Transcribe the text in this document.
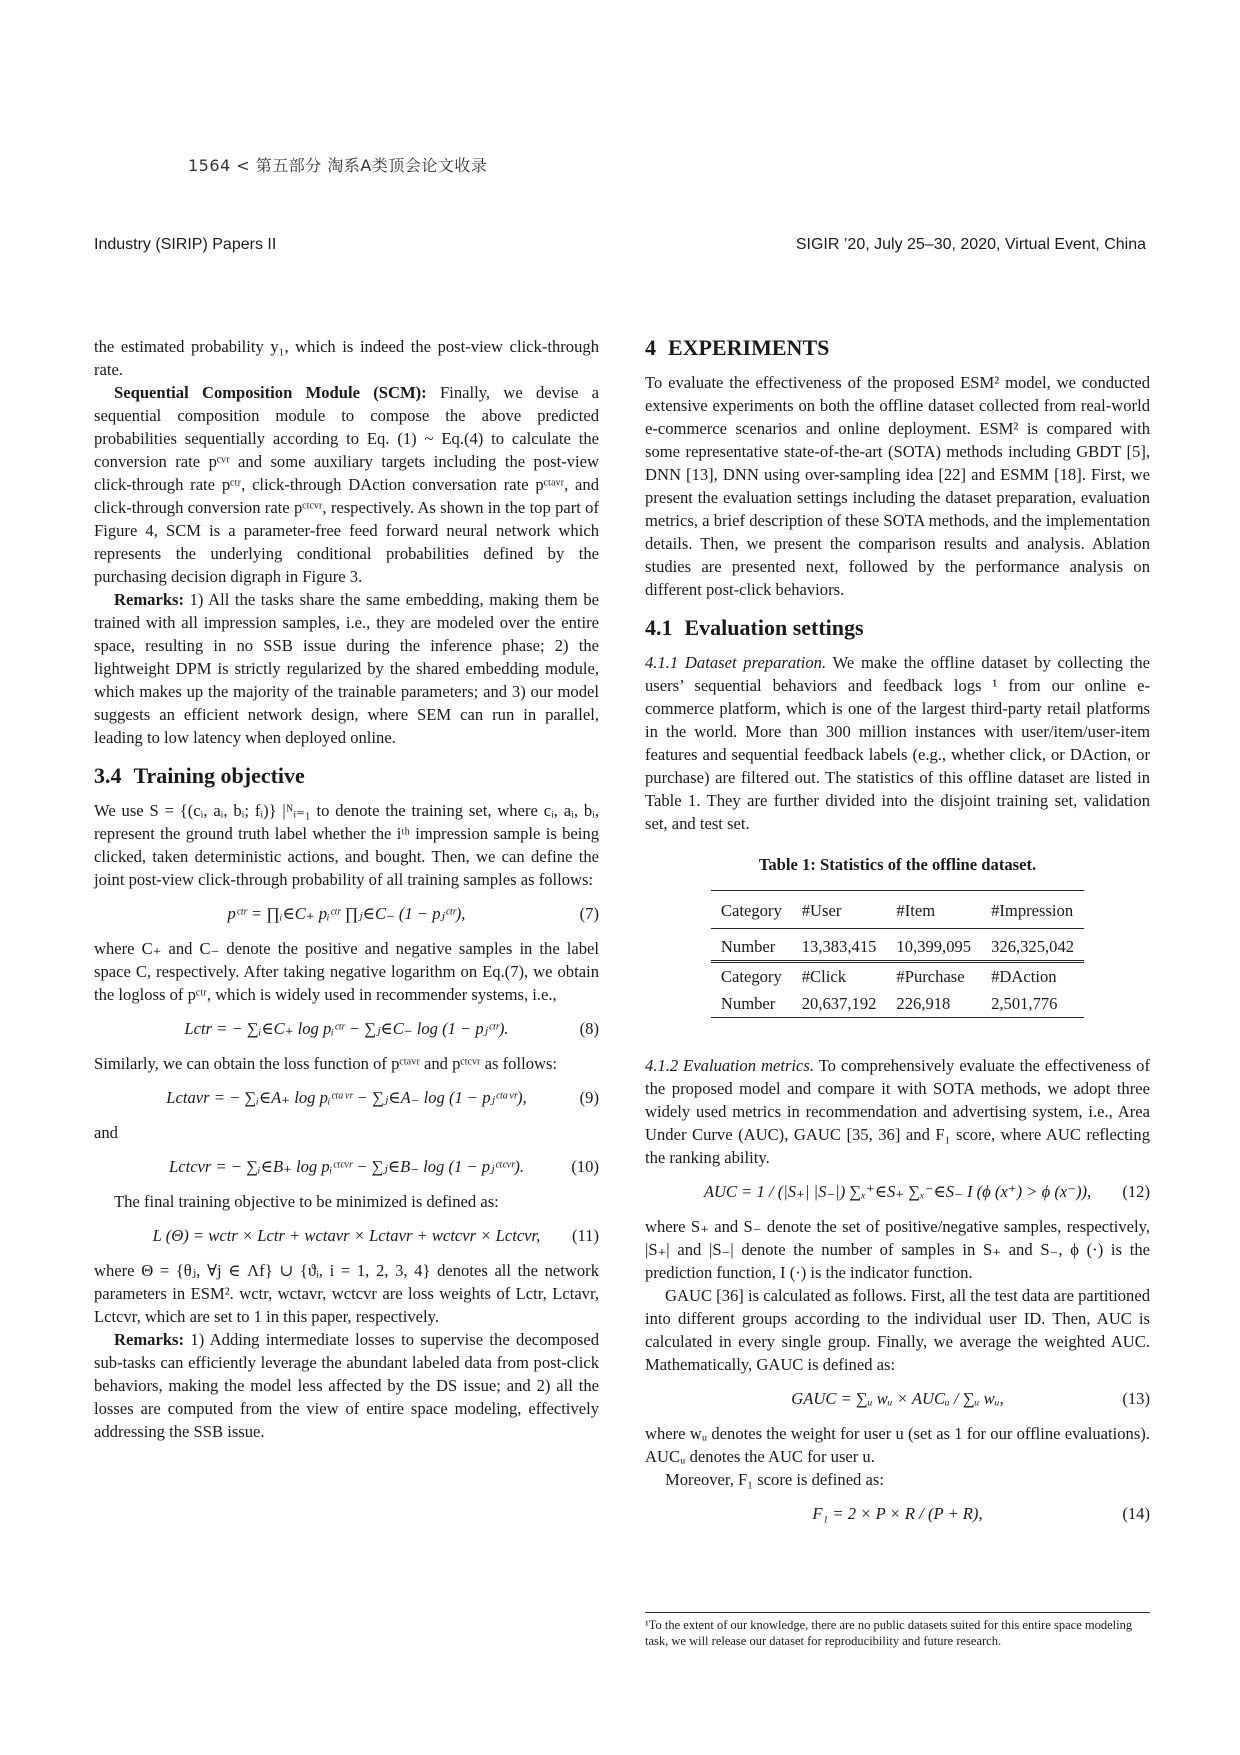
1564 < 第五部分 淘系A类顶会论文收录
Industry (SIRIP) Papers II	SIGIR ’20, July 25–30, 2020, Virtual Event, China

the estimated probability y₁, which is indeed the post-view click-through rate.

Sequential Composition Module (SCM): Finally, we devise a sequential composition module to compose the above predicted probabilities sequentially according to Eq. (1) ~ Eq.(4) to calculate the conversion rate pᶜᵛʳ and some auxiliary targets including the post-view click-through rate pᶜᵗʳ, click-through DAction conversation rate pᶜᵗᵃᵛʳ, and click-through conversion rate pᶜᵗᶜᵛʳ, respectively. As shown in the top part of Figure 4, SCM is a parameter-free feed forward neural network which represents the underlying conditional probabilities defined by the purchasing decision digraph in Figure 3.

Remarks: 1) All the tasks share the same embedding, making them be trained with all impression samples, i.e., they are modeled over the entire space, resulting in no SSB issue during the inference phase; 2) the lightweight DPM is strictly regularized by the shared embedding module, which makes up the majority of the trainable parameters; and 3) our model suggests an efficient network design, where SEM can run in parallel, leading to low latency when deployed online.

3.4 Training objective

We use S = {(cᵢ, aᵢ, bᵢ; fᵢ)} |ᴺᵢ₌₁ to denote the training set, where cᵢ, aᵢ, bᵢ, represent the ground truth label whether the iᵗʰ impression sample is being clicked, taken deterministic actions, and bought. Then, we can define the joint post-view click-through probability of all training samples as follows:

pᶜᵗʳ = ∏ᵢ∈C₊ pᵢᶜᵗʳ ∏ⱼ∈C₋ (1 − pⱼᶜᵗʳ),	(7)

where C₊ and C₋ denote the positive and negative samples in the label space C, respectively. After taking negative logarithm on Eq.(7), we obtain the logloss of pᶜᵗʳ, which is widely used in recommender systems, i.e.,

Lctr = − ∑ᵢ∈C₊ log pᵢᶜᵗʳ − ∑ⱼ∈C₋ log (1 − pⱼᶜᵗʳ).	(8)

Similarly, we can obtain the loss function of pᶜᵗᵃᵛʳ and pᶜᵗᶜᵛʳ as follows:

Lctavr = − ∑ᵢ∈A₊ log pᵢᶜᵗᵃᵛʳ − ∑ⱼ∈A₋ log (1 − pⱼᶜᵗᵃᵛʳ),	(9)

and

Lctcvr = − ∑ᵢ∈B₊ log pᵢᶜᵗᶜᵛʳ − ∑ⱼ∈B₋ log (1 − pⱼᶜᵗᶜᵛʳ).	(10)

The final training objective to be minimized is defined as:

L (Θ) = wctr × Lctr + wctavr × Lctavr + wctcvr × Lctcvr, (11)

where Θ = {θⱼ, ∀j ∈ Λf} ∪ {ϑᵢ, i = 1, 2, 3, 4} denotes all the network parameters in ESM². wctr, wctavr, wctcvr are loss weights of Lctr, Lctavr, Lctcvr, which are set to 1 in this paper, respectively.

Remarks: 1) Adding intermediate losses to supervise the decomposed sub-tasks can efficiently leverage the abundant labeled data from post-click behaviors, making the model less affected by the DS issue; and 2) all the losses are computed from the view of entire space modeling, effectively addressing the SSB issue.

4 EXPERIMENTS

To evaluate the effectiveness of the proposed ESM² model, we conducted extensive experiments on both the offline dataset collected from real-world e-commerce scenarios and online deployment. ESM² is compared with some representative state-of-the-art (SOTA) methods including GBDT [5], DNN [13], DNN using over-sampling idea [22] and ESMM [18]. First, we present the evaluation settings including the dataset preparation, evaluation metrics, a brief description of these SOTA methods, and the implementation details. Then, we present the comparison results and analysis. Ablation studies are presented next, followed by the performance analysis on different post-click behaviors.

4.1 Evaluation settings

4.1.1 Dataset preparation. We make the offline dataset by collecting the users’ sequential behaviors and feedback logs ¹ from our online e-commerce platform, which is one of the largest third-party retail platforms in the world. More than 300 million instances with user/item/user-item features and sequential feedback labels (e.g., whether click, or DAction, or purchase) are filtered out. The statistics of this offline dataset are listed in Table 1. They are further divided into the disjoint training set, validation set, and test set.

Table 1: Statistics of the offline dataset.
Category	#User	#Item	#Impression
Number	13,383,415	10,399,095	326,325,042
Category	#Click	#Purchase	#DAction
Number	20,637,192	226,918	2,501,776

4.1.2 Evaluation metrics. To comprehensively evaluate the effectiveness of the proposed model and compare it with SOTA methods, we adopt three widely used metrics in recommendation and advertising system, i.e., Area Under Curve (AUC), GAUC [35, 36] and F₁ score, where AUC reflecting the ranking ability.

AUC = 1 / (|S₊| |S₋|) ∑ₓ⁺∈S₊ ∑ₓ⁻∈S₋ I (ϕ (x⁺) > ϕ (x⁻)), (12)

where S₊ and S₋ denote the set of positive/negative samples, respectively, |S₊| and |S₋| denote the number of samples in S₊ and S₋, ϕ (·) is the prediction function, I (·) is the indicator function.

GAUC [36] is calculated as follows. First, all the test data are partitioned into different groups according to the individual user ID. Then, AUC is calculated in every single group. Finally, we average the weighted AUC. Mathematically, GAUC is defined as:

GAUC = ∑ᵤ wᵤ × AUCᵤ / ∑ᵤ wᵤ,	(13)

where wᵤ denotes the weight for user u (set as 1 for our offline evaluations). AUCᵤ denotes the AUC for user u.

Moreover, F₁ score is defined as:

F₁ = 2 × P × R / (P + R),	(14)
¹To the extent of our knowledge, there are no public datasets suited for this entire space modeling task, we will release our dataset for reproducibility and future research.
